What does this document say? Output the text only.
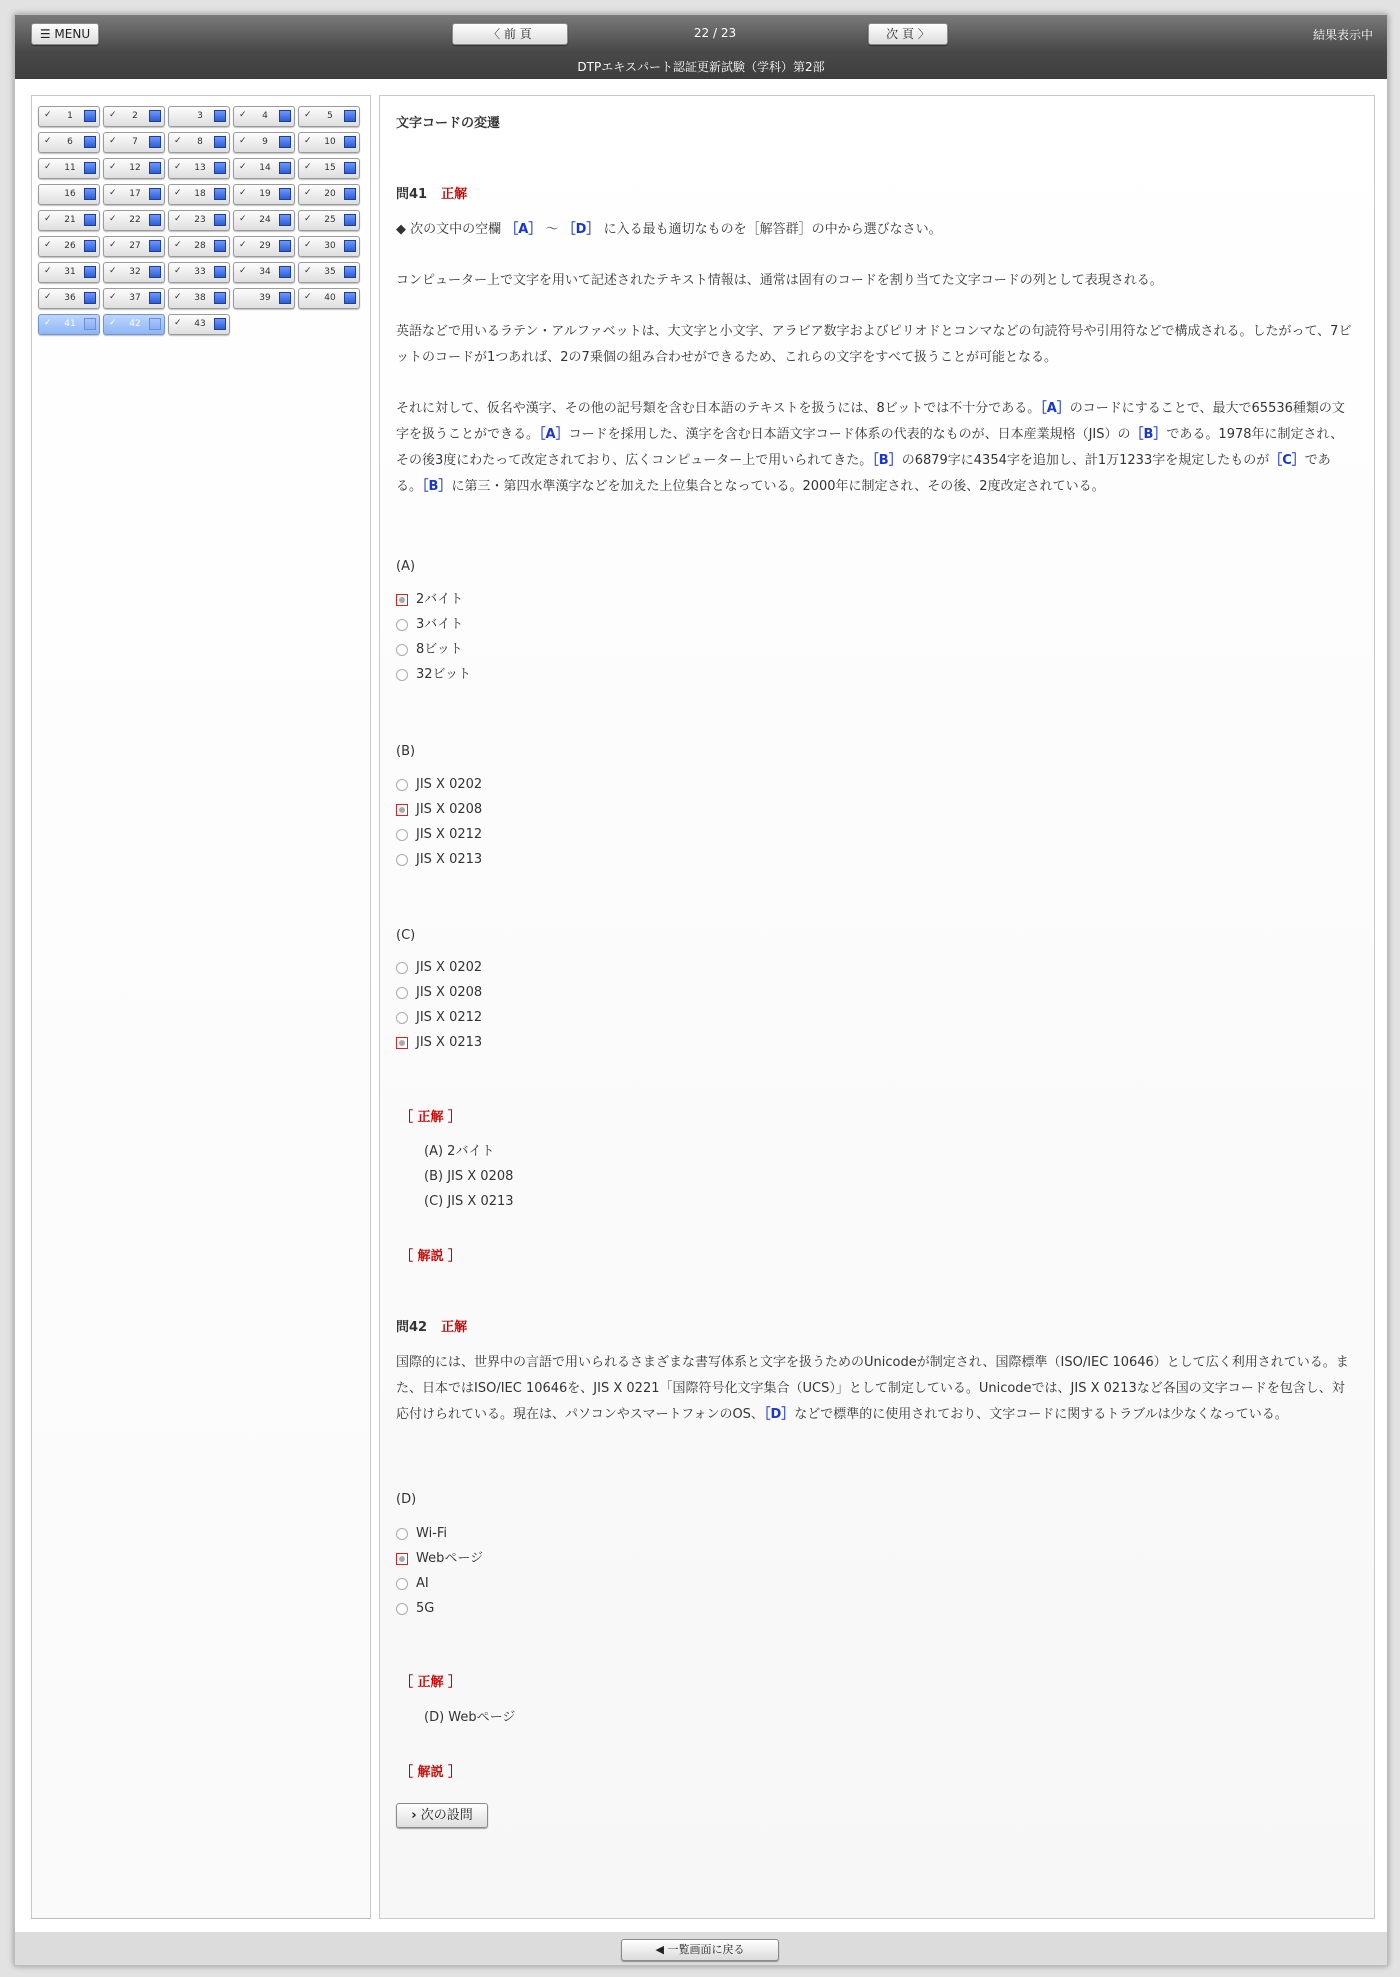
☰ MENU	〈 前 頁	22 / 23	次 頁 〉	結果表示中
DTPエキスパート認証更新試験（学科）第2部
✓	1	✓	2	3	✓	4	✓	5
✓	6	✓	7	✓	8	✓	9	✓	10
✓	11	✓	12	✓	13	✓	14	✓	15
16	✓	17	✓	18	✓	19	✓	20
✓	21	✓	22	✓	23	✓	24	✓	25
✓	26	✓	27	✓	28	✓	29	✓	30
✓	31	✓	32	✓	33	✓	34	✓	35
✓	36	✓	37	✓	38	39	✓	40
✓	41	✓	42	✓	43

文字コードの変遷

問41 正解

◆ 次の文中の空欄 ［A］ 〜 ［D］ に入る最も適切なものを［解答群］の中から選びなさい。

コンピューター上で文字を用いて記述されたテキスト情報は、通常は固有のコードを割り当てた文字コードの列として表現される。

英語などで用いるラテン・アルファベットは、大文字と小文字、アラビア数字およびピリオドとコンマなどの句読符号や引用符などで構成される。したがって、7ビットのコードが1つあれば、2の7乗個の組み合わせができるため、これらの文字をすべて扱うことが可能となる。

それに対して、仮名や漢字、その他の記号類を含む日本語のテキストを扱うには、8ビットでは不十分である。［A］のコードにすることで、最大で65536種類の文字を扱うことができる。［A］コードを採用した、漢字を含む日本語文字コード体系の代表的なものが、日本産業規格（JIS）の［B］である。1978年に制定され、その後3度にわたって改定されており、広くコンピューター上で用いられてきた。［B］の6879字に4354字を追加し、計1万1233字を規定したものが［C］である。［B］に第三・第四水準漢字などを加えた上位集合となっている。2000年に制定され、その後、2度改定されている。

(A)

2バイト
3バイト
8ビット
32ビット

(B)

JIS X 0202
JIS X 0208
JIS X 0212
JIS X 0213

(C)

JIS X 0202
JIS X 0208
JIS X 0212
JIS X 0213

［ 正解 ］

(A) 2バイト
(B) JIS X 0208
(C) JIS X 0213

［ 解説 ］

問42 正解

国際的には、世界中の言語で用いられるさまざまな書写体系と文字を扱うためのUnicodeが制定され、国際標準（ISO/IEC 10646）として広く利用されている。また、日本ではISO/IEC 10646を、JIS X 0221「国際符号化文字集合（UCS）」として制定している。Unicodeでは、JIS X 0213など各国の文字コードを包含し、対応付けられている。現在は、パソコンやスマートフォンのOS、［D］などで標準的に使用されており、文字コードに関するトラブルは少なくなっている。

(D)

Wi-Fi
Webページ
AI
5G

［ 正解 ］

(D) Webページ

［ 解説 ］

› 次の設問
◀ 一覧画面に戻る
